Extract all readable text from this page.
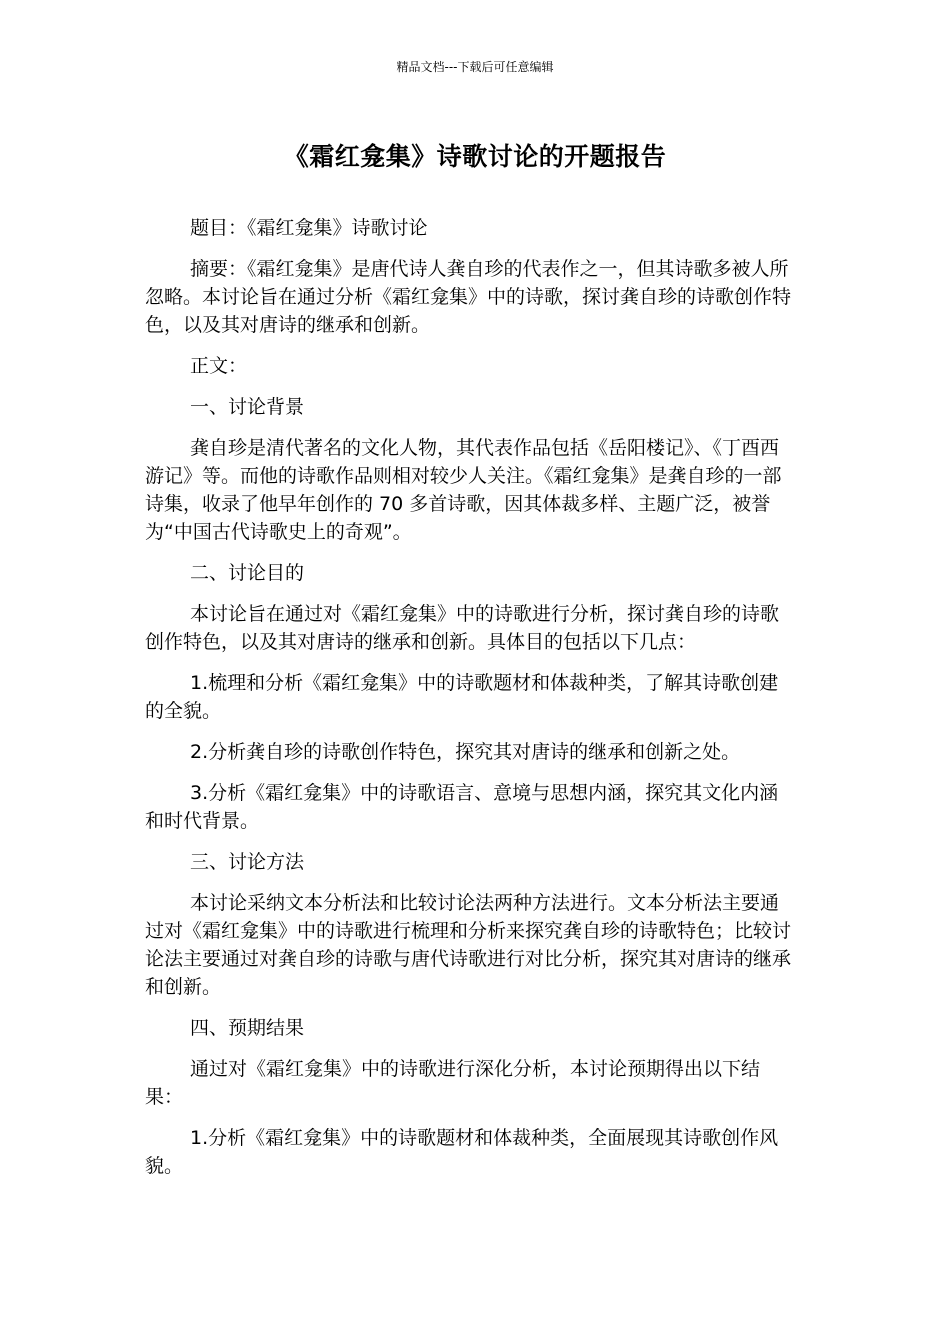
精品文档---下载后可任意编辑
《霜红龛集》诗歌讨论的开题报告

题目：《霜红龛集》诗歌讨论

摘要：《霜红龛集》是唐代诗人龚自珍的代表作之一，但其诗歌多被人所忽略。本讨论旨在通过分析《霜红龛集》中的诗歌，探讨龚自珍的诗歌创作特色，以及其对唐诗的继承和创新。

正文：

一、讨论背景

龚自珍是清代著名的文化人物，其代表作品包括《岳阳楼记》、《丁酉西游记》等。而他的诗歌作品则相对较少人关注。《霜红龛集》是龚自珍的一部诗集，收录了他早年创作的 70 多首诗歌，因其体裁多样、主题广泛，被誉为“中国古代诗歌史上的奇观”。

二、讨论目的

本讨论旨在通过对《霜红龛集》中的诗歌进行分析，探讨龚自珍的诗歌创作特色，以及其对唐诗的继承和创新。具体目的包括以下几点：

1.梳理和分析《霜红龛集》中的诗歌题材和体裁种类，了解其诗歌创建的全貌。

2.分析龚自珍的诗歌创作特色，探究其对唐诗的继承和创新之处。

3.分析《霜红龛集》中的诗歌语言、意境与思想内涵，探究其文化内涵和时代背景。

三、讨论方法

本讨论采纳文本分析法和比较讨论法两种方法进行。文本分析法主要通过对《霜红龛集》中的诗歌进行梳理和分析来探究龚自珍的诗歌特色；比较讨论法主要通过对龚自珍的诗歌与唐代诗歌进行对比分析，探究其对唐诗的继承和创新。

四、预期结果

通过对《霜红龛集》中的诗歌进行深化分析，本讨论预期得出以下结果：

1.分析《霜红龛集》中的诗歌题材和体裁种类，全面展现其诗歌创作风貌。
